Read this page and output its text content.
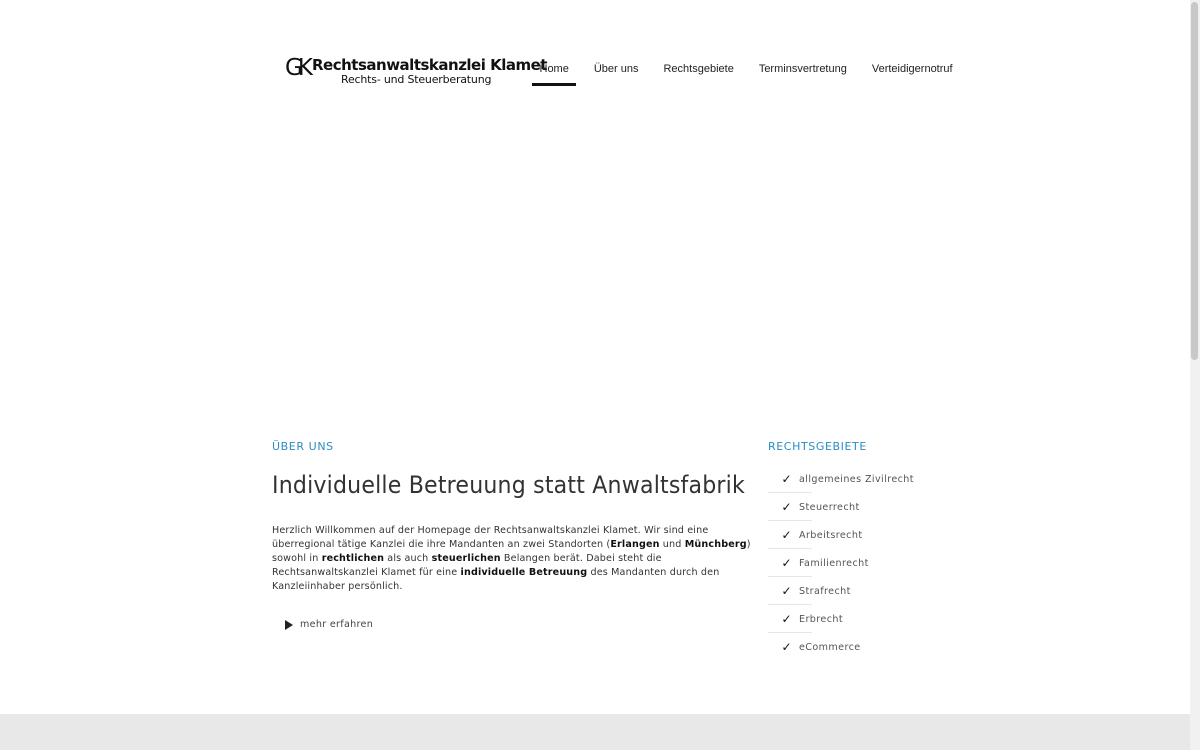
GK Rechtsanwaltskanzlei Klamet
Rechts- und Steuerberatung
Home	Über uns	Rechtsgebiete	Terminsvertretung	Verteidigernotruf
ÜBER UNS
Individuelle Betreuung statt Anwaltsfabrik

Herzlich Willkommen auf der Homepage der Rechtsanwaltskanzlei Klamet. Wir sind eine überregional tätige Kanzlei die ihre Mandanten an zwei Standorten (Erlangen und Münchberg) sowohl in rechtlichen als auch steuerlichen Belangen berät. Dabei steht die Rechtsanwaltskanzlei Klamet für eine individuelle Betreuung des Mandanten durch den Kanzleiinhaber persönlich.

mehr erfahren
RECHTSGEBIETE
✓ allgemeines Zivilrecht
✓ Steuerrecht
✓ Arbeitsrecht
✓ Familienrecht
✓ Strafrecht
✓ Erbrecht
✓ eCommerce
